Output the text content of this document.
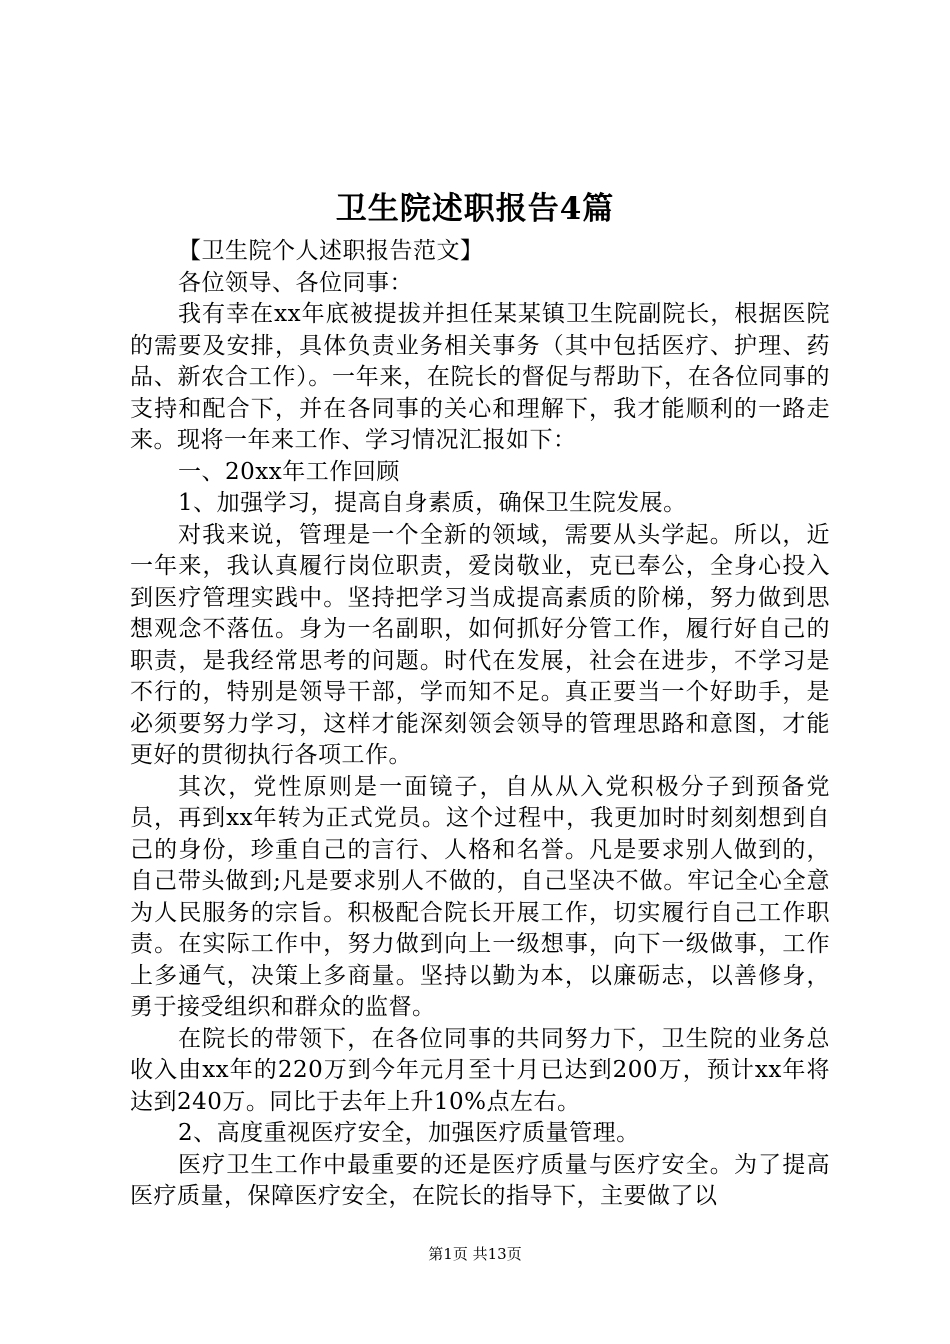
卫生院述职报告4篇

【卫生院个人述职报告范文】

各位领导、各位同事：

我有幸在xx年底被提拔并担任某某镇卫生院副院长，根据医院的需要及安排，具体负责业务相关事务（其中包括医疗、护理、药品、新农合工作）。一年来，在院长的督促与帮助下，在各位同事的支持和配合下，并在各同事的关心和理解下，我才能顺利的一路走来。现将一年来工作、学习情况汇报如下：

一、20xx年工作回顾

1、加强学习，提高自身素质，确保卫生院发展。

对我来说，管理是一个全新的领域，需要从头学起。所以，近一年来，我认真履行岗位职责，爱岗敬业，克已奉公，全身心投入到医疗管理实践中。坚持把学习当成提高素质的阶梯，努力做到思想观念不落伍。身为一名副职，如何抓好分管工作，履行好自己的职责，是我经常思考的问题。时代在发展，社会在进步，不学习是不行的，特别是领导干部，学而知不足。真正要当一个好助手，是必须要努力学习，这样才能深刻领会领导的管理思路和意图，才能更好的贯彻执行各项工作。

其次，党性原则是一面镜子，自从从入党积极分子到预备党员，再到xx年转为正式党员。这个过程中，我更加时时刻刻想到自己的身份，珍重自己的言行、人格和名誉。凡是要求别人做到的，自己带头做到;凡是要求别人不做的，自己坚决不做。牢记全心全意为人民服务的宗旨。积极配合院长开展工作，切实履行自己工作职责。在实际工作中，努力做到向上一级想事，向下一级做事，工作上多通气，决策上多商量。坚持以勤为本，以廉砺志，以善修身，勇于接受组织和群众的监督。

在院长的带领下，在各位同事的共同努力下，卫生院的业务总收入由xx年的220万到今年元月至十月已达到200万，预计xx年将达到240万。同比于去年上升10%点左右。

2、高度重视医疗安全，加强医疗质量管理。

医疗卫生工作中最重要的还是医疗质量与医疗安全。为了提高医疗质量，保障医疗安全，在院长的指导下，主要做了以

第1页 共13页
